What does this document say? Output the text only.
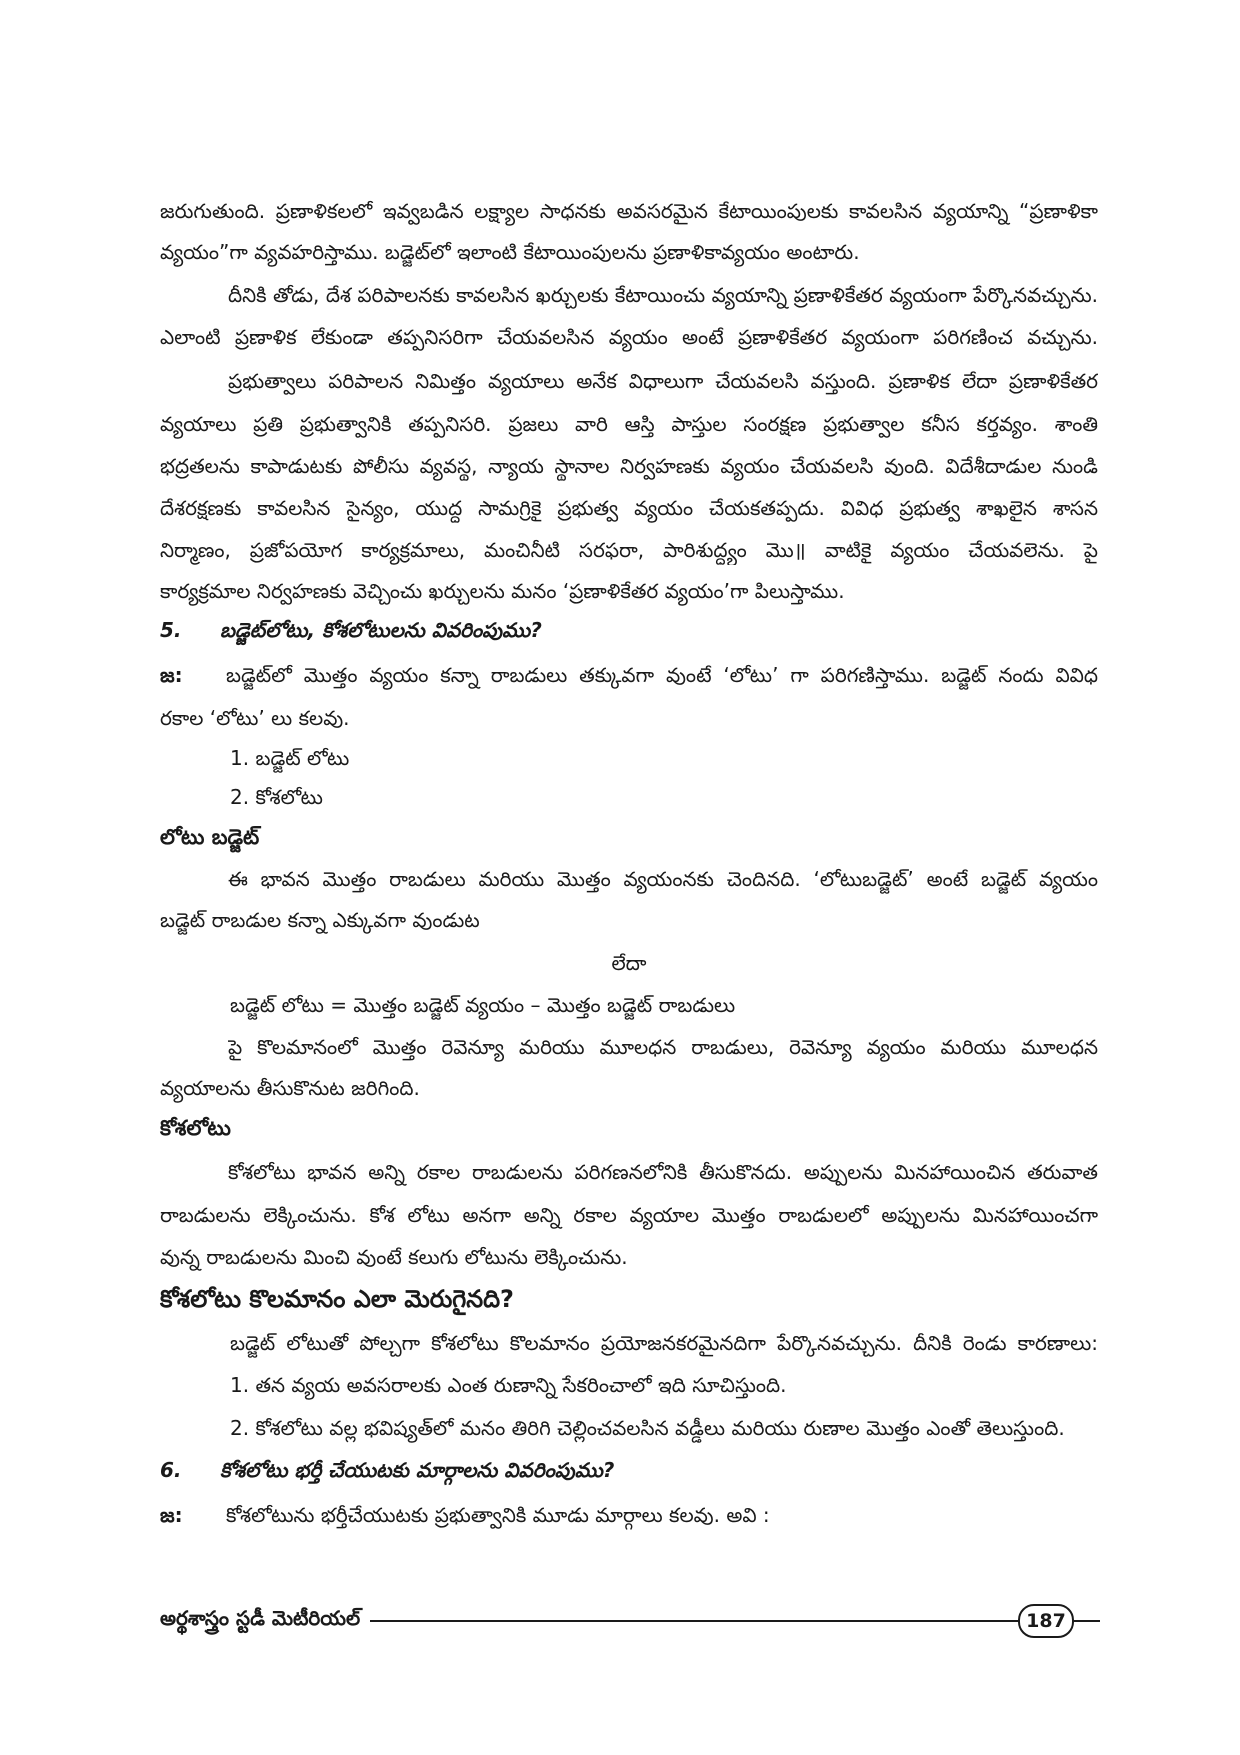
జరుగుతుంది. ప్రణాళికలలో ఇవ్వబడిన లక్ష్యాల సాధనకు అవసరమైన కేటాయింపులకు కావలసిన వ్యయాన్ని “ప్రణాళికా
వ్యయం”గా వ్యవహరిస్తాము. బడ్జెట్‌లో ఇలాంటి కేటాయింపులను ప్రణాళికావ్యయం అంటారు.
దీనికి తోడు, దేశ పరిపాలనకు కావలసిన ఖర్చులకు కేటాయించు వ్యయాన్ని ప్రణాళికేతర వ్యయంగా పేర్కొనవచ్చును.
ఎలాంటి ప్రణాళిక లేకుండా తప్పనిసరిగా చేయవలసిన వ్యయం అంటే ప్రణాళికేతర వ్యయంగా పరిగణించ వచ్చును.
ప్రభుత్వాలు పరిపాలన నిమిత్తం వ్యయాలు అనేక విధాలుగా చేయవలసి వస్తుంది. ప్రణాళిక లేదా ప్రణాళికేతర
వ్యయాలు ప్రతి ప్రభుత్వానికి తప్పనిసరి. ప్రజలు వారి ఆస్తి పాస్తుల సంరక్షణ ప్రభుత్వాల కనీస కర్తవ్యం. శాంతి
భద్రతలను కాపాడుటకు పోలీసు వ్యవస్థ, న్యాయ స్థానాల నిర్వహణకు వ్యయం చేయవలసి వుంది. విదేశీదాడుల నుండి
దేశరక్షణకు కావలసిన సైన్యం, యుద్ధ సామగ్రికై ప్రభుత్వ వ్యయం చేయకతప్పదు. వివిధ ప్రభుత్వ శాఖలైన శాసన
నిర్మాణం, ప్రజోపయోగ కార్యక్రమాలు, మంచినీటి సరఫరా, పారిశుద్ధ్యం మొ॥ వాటికై వ్యయం చేయవలెను. పై
కార్యక్రమాల నిర్వహణకు వెచ్చించు ఖర్చులను మనం ‘ప్రణాళికేతర వ్యయం’గా పిలుస్తాము.
5. బడ్జెట్‌లోటు, కోశలోటులను వివరింపుము?
జ: బడ్జెట్‌లో మొత్తం వ్యయం కన్నా రాబడులు తక్కువగా వుంటే ‘లోటు’ గా పరిగణిస్తాము. బడ్జెట్ నందు వివిధ
రకాల ‘లోటు’ లు కలవు.
1. బడ్జెట్ లోటు
2. కోశలోటు
లోటు బడ్జెట్
ఈ భావన మొత్తం రాబడులు మరియు మొత్తం వ్యయంనకు చెందినది. ‘లోటుబడ్జెట్’ అంటే బడ్జెట్ వ్యయం
బడ్జెట్ రాబడుల కన్నా ఎక్కువగా వుండుట
లేదా
బడ్జెట్ లోటు = మొత్తం బడ్జెట్ వ్యయం – మొత్తం బడ్జెట్ రాబడులు
పై కొలమానంలో మొత్తం రెవెన్యూ మరియు మూలధన రాబడులు, రెవెన్యూ వ్యయం మరియు మూలధన
వ్యయాలను తీసుకొనుట జరిగింది.
కోశలోటు
కోశలోటు భావన అన్ని రకాల రాబడులను పరిగణనలోనికి తీసుకొనదు. అప్పులను మినహాయించిన తరువాత
రాబడులను లెక్కించును. కోశ లోటు అనగా అన్ని రకాల వ్యయాల మొత్తం రాబడులలో అప్పులను మినహాయించగా
వున్న రాబడులను మించి వుంటే కలుగు లోటును లెక్కించును.
కోశలోటు కొలమానం ఎలా మెరుగైనది?
బడ్జెట్ లోటుతో పోల్చగా కోశలోటు కొలమానం ప్రయోజనకరమైనదిగా పేర్కొనవచ్చును. దీనికి రెండు కారణాలు:
1. తన వ్యయ అవసరాలకు ఎంత రుణాన్ని సేకరించాలో ఇది సూచిస్తుంది.
2. కోశలోటు వల్ల భవిష్యత్‌లో మనం తిరిగి చెల్లించవలసిన వడ్డీలు మరియు రుణాల మొత్తం ఎంతో తెలుస్తుంది.
6. కోశలోటు భర్తీ చేయుటకు మార్గాలను వివరింపుము?
జ: కోశలోటును భర్తీచేయుటకు ప్రభుత్వానికి మూడు మార్గాలు కలవు. అవి :
అర్థశాస్త్రం స్టడీ మెటీరియల్	187
